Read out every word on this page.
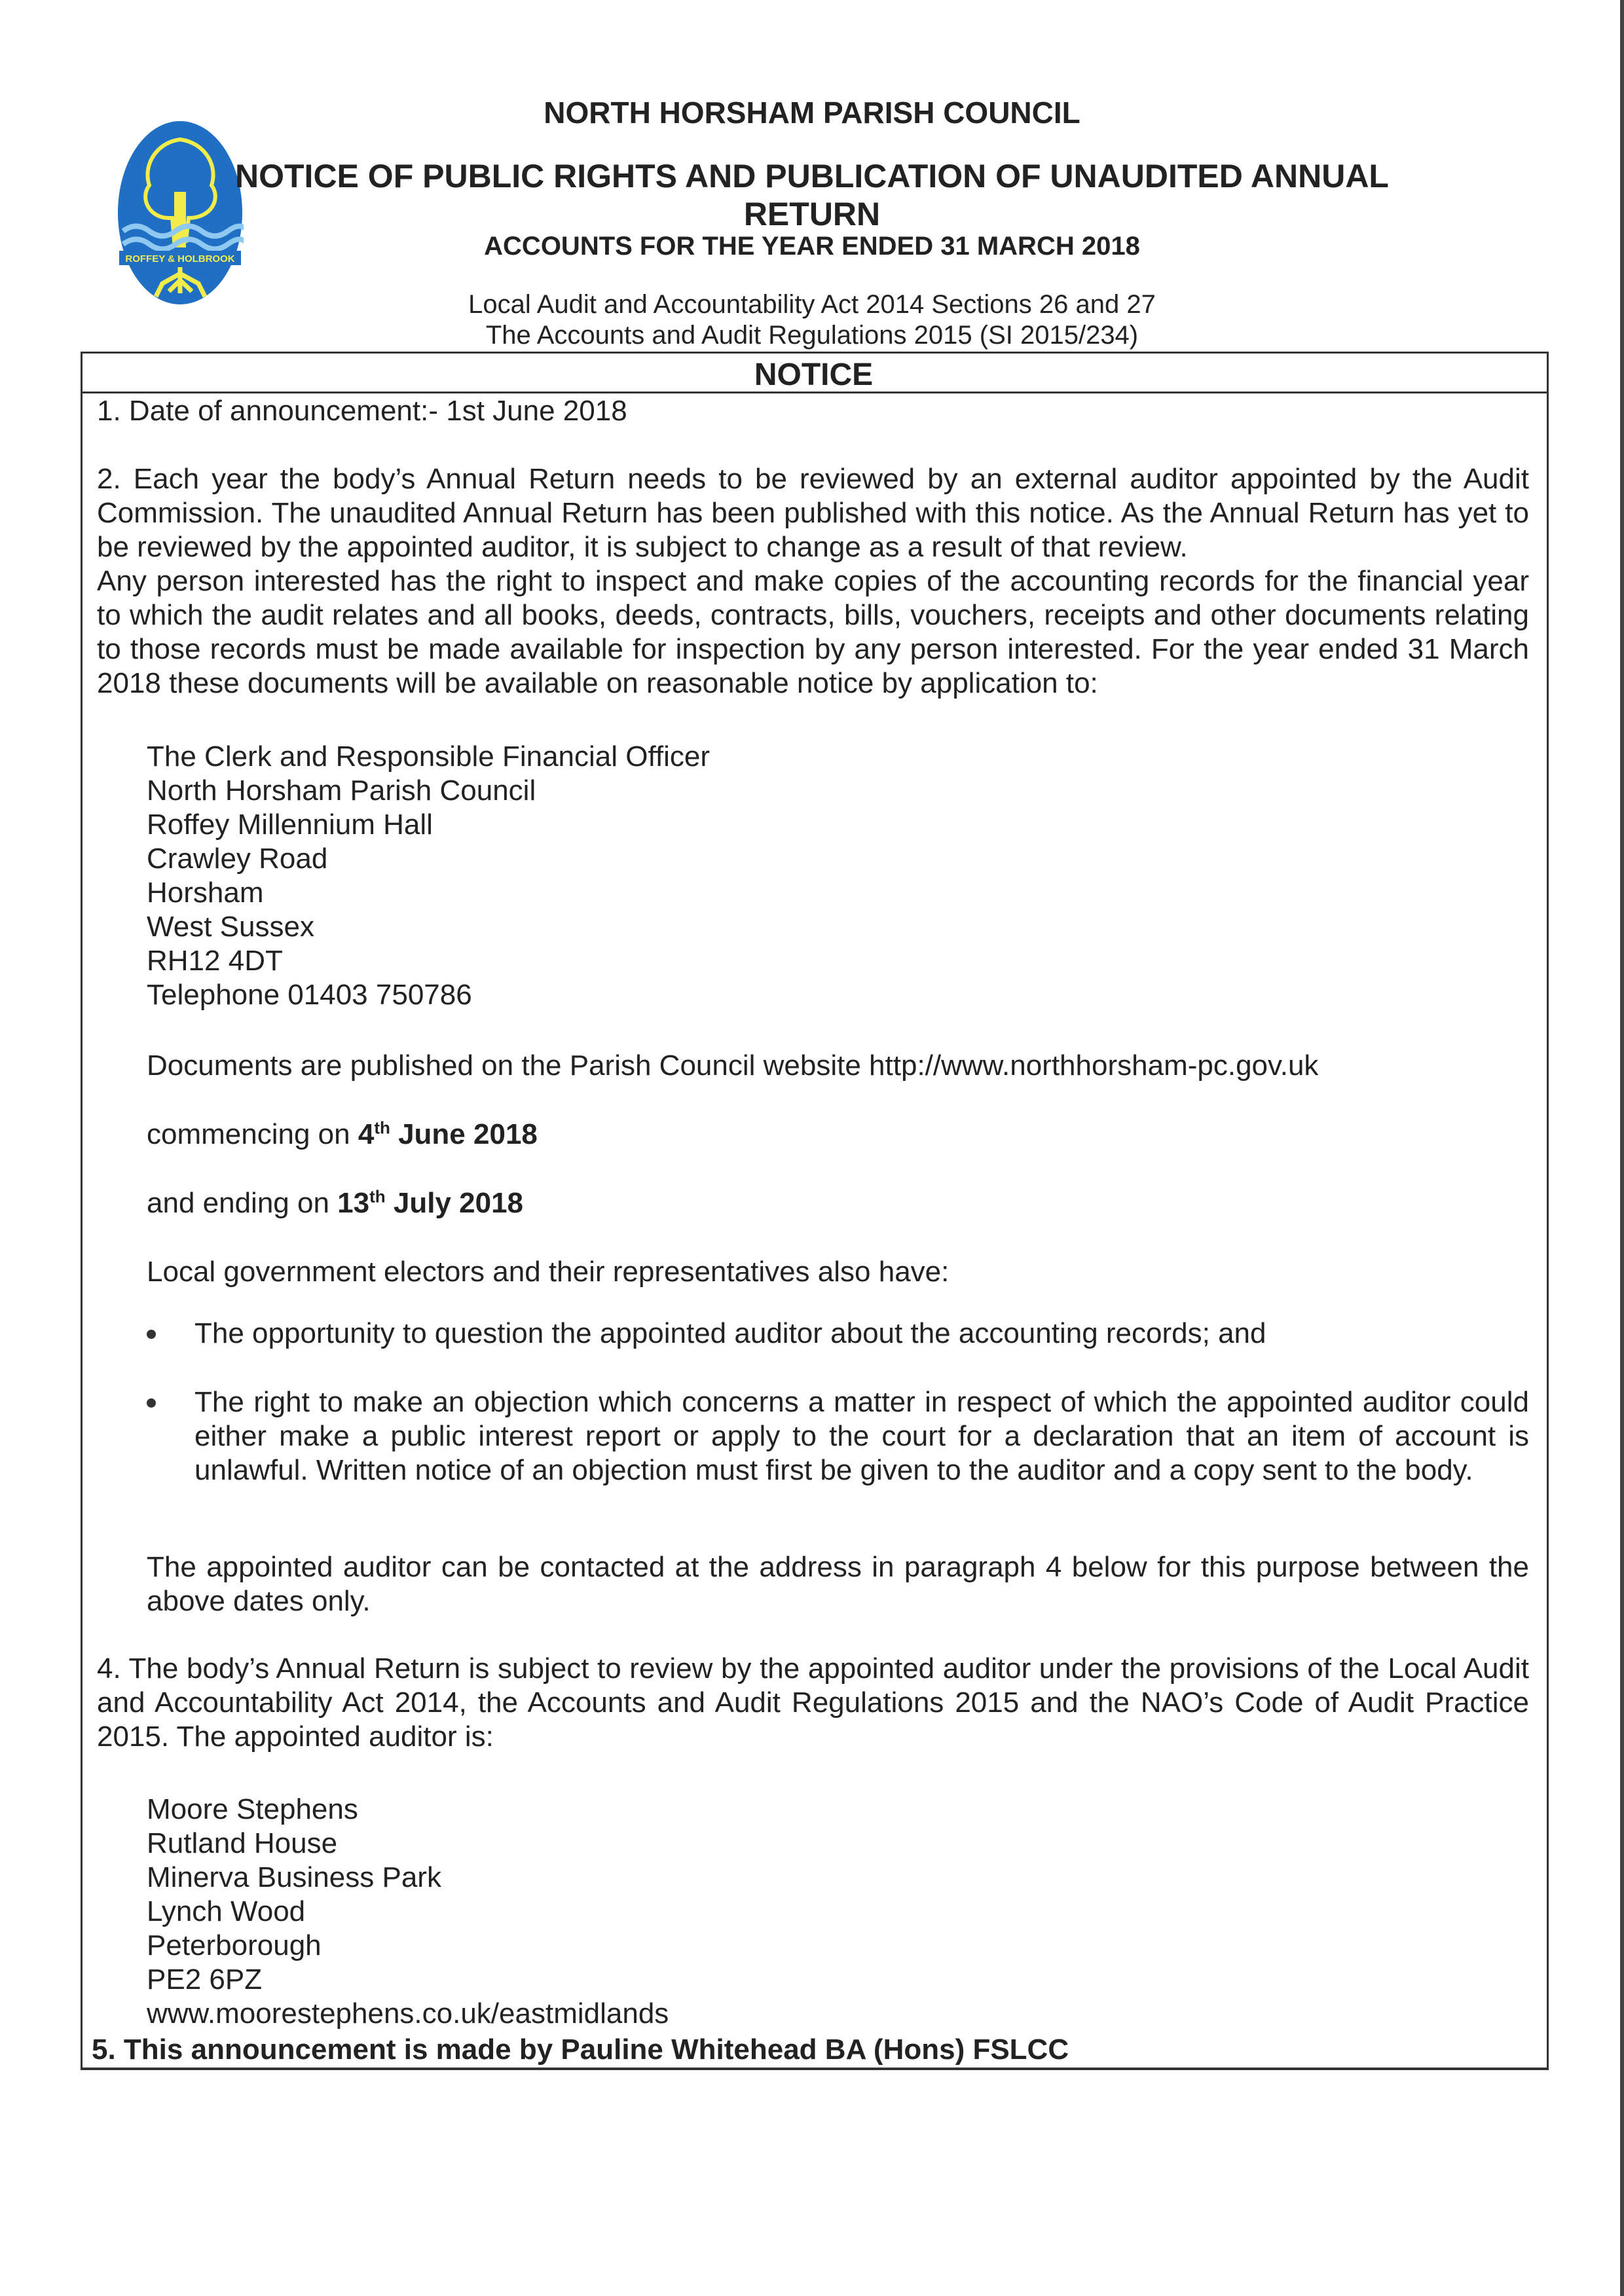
ROFFEY & HOLBROOK
NORTH HORSHAM PARISH COUNCIL
NOTICE OF PUBLIC RIGHTS AND PUBLICATION OF UNAUDITED ANNUAL
RETURN
ACCOUNTS FOR THE YEAR ENDED 31 MARCH 2018
Local Audit and Accountability Act 2014 Sections 26 and 27
The Accounts and Audit Regulations 2015 (SI 2015/234)
NOTICE
1. Date of announcement:- 1st June 2018
2. Each year the body’s Annual Return needs to be reviewed by an external auditor appointed by the Audit Commission. The unaudited Annual Return has been published with this notice. As the Annual Return has yet to be reviewed by the appointed auditor, it is subject to change as a result of that review.
Any person interested has the right to inspect and make copies of the accounting records for the financial year to which the audit relates and all books, deeds, contracts, bills, vouchers, receipts and other documents relating to those records must be made available for inspection by any person interested. For the year ended 31 March 2018 these documents will be available on reasonable notice by application to:
The Clerk and Responsible Financial Officer
North Horsham Parish Council
Roffey Millennium Hall
Crawley Road
Horsham
West Sussex
RH12 4DT
Telephone 01403 750786
Documents are published on the Parish Council website http://www.northhorsham-pc.gov.uk
commencing on 4th June 2018
and ending on 13th July 2018
Local government electors and their representatives also have:
The opportunity to question the appointed auditor about the accounting records; and
The right to make an objection which concerns a matter in respect of which the appointed auditor could either make a public interest report or apply to the court for a declaration that an item of account is unlawful. Written notice of an objection must first be given to the auditor and a copy sent to the body.
The appointed auditor can be contacted at the address in paragraph 4 below for this purpose between the above dates only.
4. The body’s Annual Return is subject to review by the appointed auditor under the provisions of the Local Audit and Accountability Act 2014, the Accounts and Audit Regulations 2015 and the NAO’s Code of Audit Practice 2015. The appointed auditor is:
Moore Stephens
Rutland House
Minerva Business Park
Lynch Wood
Peterborough
PE2 6PZ
www.moorestephens.co.uk/eastmidlands
5. This announcement is made by Pauline Whitehead BA (Hons) FSLCC
